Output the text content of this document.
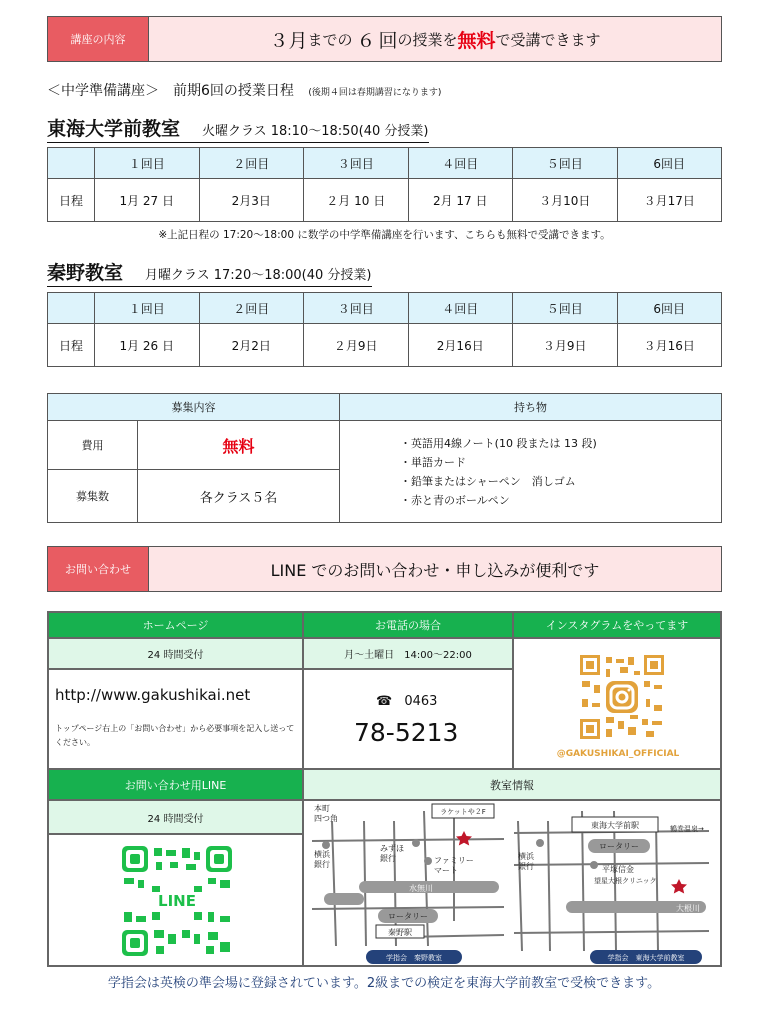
講座の内容	３ 月 までの ６ 回 の授業を 無料 で受講できます
＜中学準備講座＞　前期6回の授業日程 (後期４回は春期講習になります)
東海大学前教室 火曜クラス 18:10～18:50(40 分授業)
	１回目	２回目	３回目	４回目	５回目	6回目
日程	1月 27 日	2月3日	２月 10 日	2月 17 日	３月10日	３月17日
※上記日程の 17:20～18:00 に数学の中学準備講座を行います、こちらも無料で受講できます。
秦野教室 月曜クラス 17:20～18:00(40 分授業)
	１回目	２回目	３回目	４回目	５回目	6回目
日程	1月 26 日	2月2日	２月9日	2月16日	３月9日	３月16日
募集内容		持ち物
費用	無料	・英語用4線ノート(10 段または 13 段)
・単語カード
・鉛筆またはシャーペン　消しゴム
・赤と青のボールペン

募集数	各クラス５名	
お問い合わせ	LINE でのお問い合わせ・申し込みが便利です
ホームページ
24 時間受付
http://www.gakushikai.net
トップページ右上の「お問い合わせ」から必要事項を記入し送ってください。
お電話の場合
月～土曜日　14:00～22:00
☎ 0463
78-5213
インスタグラムをやってます
@GAKUSHIKAI_OFFICIAL
お問い合わせ用LINE
24 時間受付
LINE
教室情報
水無川
本町
四つ角
ラケットや２F
横浜
銀行
みずほ
銀行	ファミリー
マート
ロータリー
秦野駅
学指会　秦野教室
大根川
東海大学前駅	鶴巻温泉→
ロータリー
横浜
銀行	平塚信金
望星大根クリニック
学指会　東海大学前教室
学指会は英検の準会場に登録されています。2級までの検定を東海大学前教室で受検できます。
